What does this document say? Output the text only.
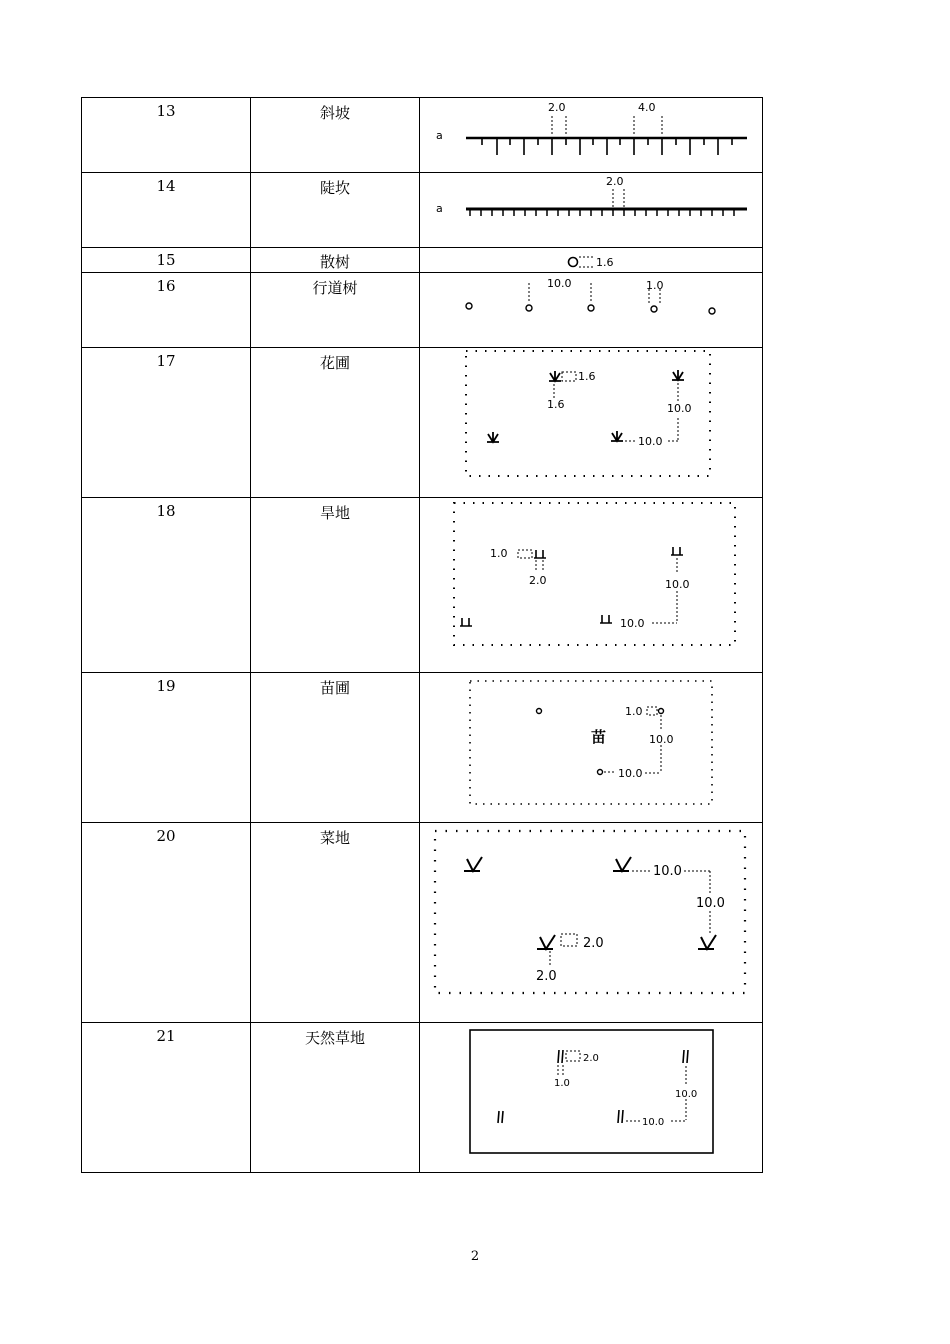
13	斜坡	a
2.0 4.0

14	陡坎	a
2.0

15	散树	1.6

16	行道树	10.0 1.0

17	花圃	1.6
1.6 10.0
10.0

18	旱地	1.0
2.0 10.0
10.0

19	苗圃	苗
1.0
10.0
10.0

20	菜地	10.0
10.0
2.0
2.0

21	天然草地	2.0
1.0
10.0
10.0
2
